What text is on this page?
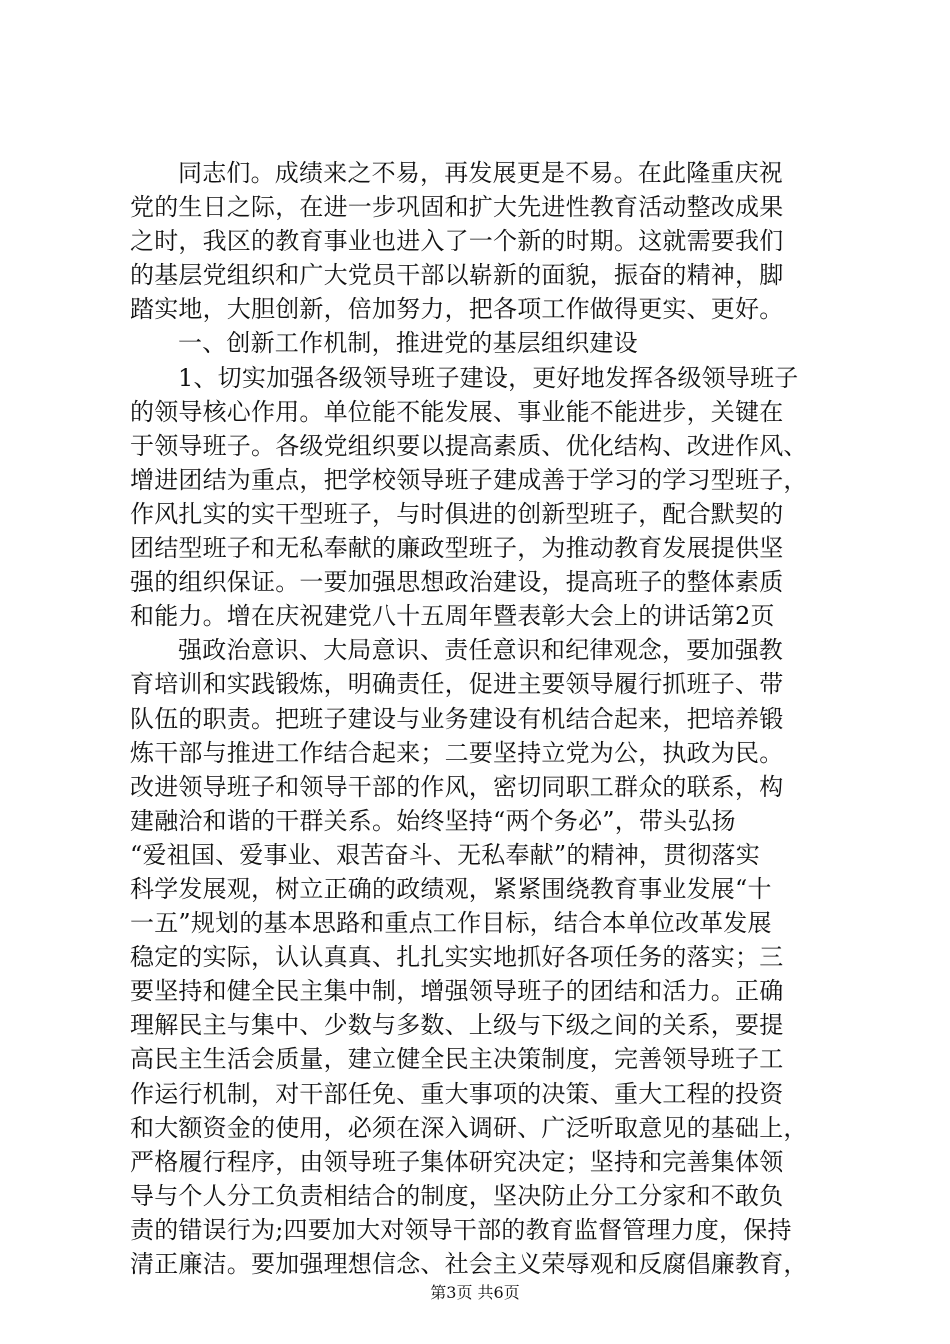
同志们。成绩来之不易，再发展更是不易。在此隆重庆祝
党的生日之际，在进一步巩固和扩大先进性教育活动整改成果
之时，我区的教育事业也进入了一个新的时期。这就需要我们
的基层党组织和广大党员干部以崭新的面貌，振奋的精神，脚
踏实地，大胆创新，倍加努力，把各项工作做得更实、更好。
一、创新工作机制，推进党的基层组织建设
1、切实加强各级领导班子建设，更好地发挥各级领导班子
的领导核心作用。单位能不能发展、事业能不能进步，关键在
于领导班子。各级党组织要以提高素质、优化结构、改进作风、
增进团结为重点，把学校领导班子建成善于学习的学习型班子，
作风扎实的实干型班子，与时俱进的创新型班子，配合默契的
团结型班子和无私奉献的廉政型班子，为推动教育发展提供坚
强的组织保证。一要加强思想政治建设，提高班子的整体素质
和能力。增在庆祝建党八十五周年暨表彰大会上的讲话第2页
强政治意识、大局意识、责任意识和纪律观念，要加强教
育培训和实践锻炼，明确责任，促进主要领导履行抓班子、带
队伍的职责。把班子建设与业务建设有机结合起来，把培养锻
炼干部与推进工作结合起来；二要坚持立党为公，执政为民。
改进领导班子和领导干部的作风，密切同职工群众的联系，构
建融洽和谐的干群关系。始终坚持“两个务必”，带头弘扬
“爱祖国、爱事业、艰苦奋斗、无私奉献”的精神，贯彻落实
科学发展观，树立正确的政绩观，紧紧围绕教育事业发展“十
一五”规划的基本思路和重点工作目标，结合本单位改革发展
稳定的实际，认认真真、扎扎实实地抓好各项任务的落实；三
要坚持和健全民主集中制，增强领导班子的团结和活力。正确
理解民主与集中、少数与多数、上级与下级之间的关系，要提
高民主生活会质量，建立健全民主决策制度，完善领导班子工
作运行机制，对干部任免、重大事项的决策、重大工程的投资
和大额资金的使用，必须在深入调研、广泛听取意见的基础上，
严格履行程序，由领导班子集体研究决定；坚持和完善集体领
导与个人分工负责相结合的制度，坚决防止分工分家和不敢负
责的错误行为;四要加大对领导干部的教育监督管理力度，保持
清正廉洁。要加强理想信念、社会主义荣辱观和反腐倡廉教育，
第3页 共6页
